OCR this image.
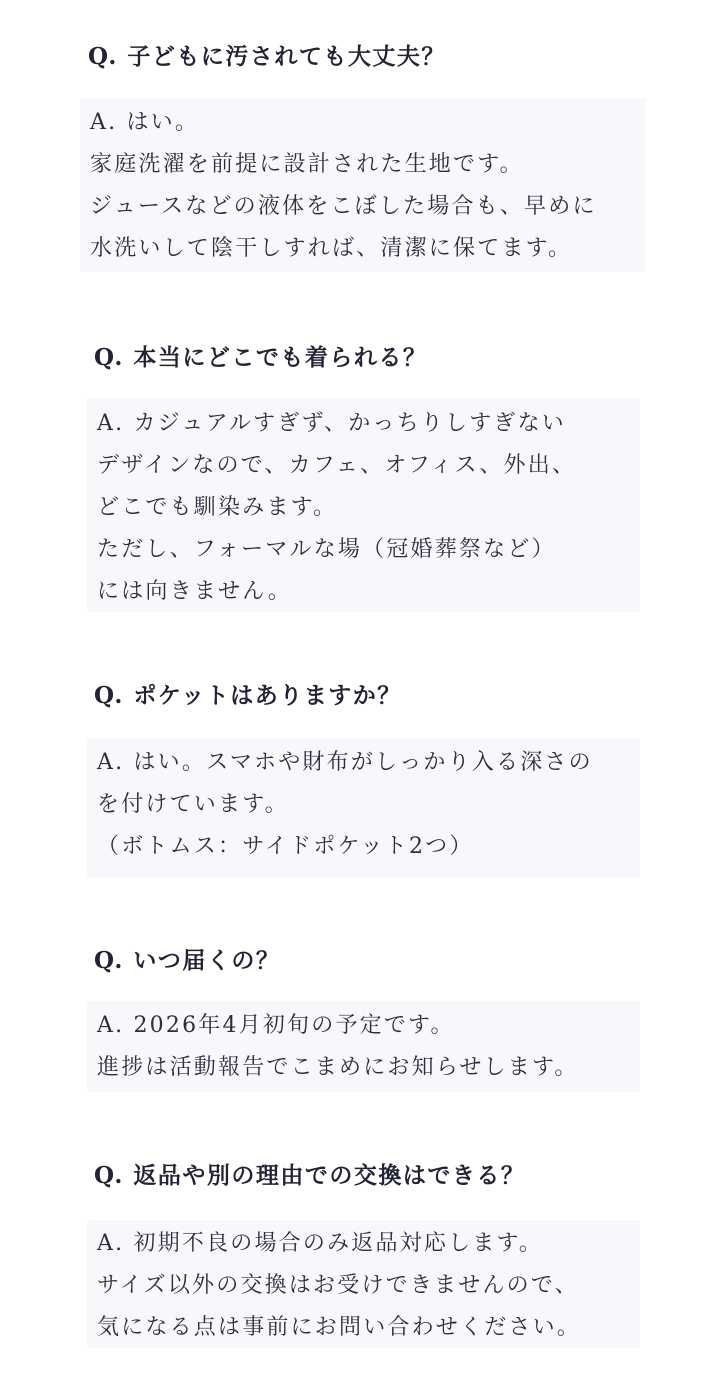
Q. 子どもに汚されても大丈夫？
A. はい。
家庭洗濯を前提に設計された生地です。
ジュースなどの液体をこぼした場合も、早めに
水洗いして陰干しすれば、清潔に保てます。
Q. 本当にどこでも着られる？
A. カジュアルすぎず、かっちりしすぎない
デザインなので、カフェ、オフィス、外出、
どこでも馴染みます。
ただし、フォーマルな場（冠婚葬祭など）
には向きません。
Q. ポケットはありますか？
A. はい。スマホや財布がしっかり入る深さの
を付けています。
（ボトムス：サイドポケット2つ）
Q. いつ届くの？
A. 2026年4月初旬の予定です。
進捗は活動報告でこまめにお知らせします。
Q. 返品や別の理由での交換はできる？
A. 初期不良の場合のみ返品対応します。
サイズ以外の交換はお受けできませんので、
気になる点は事前にお問い合わせください。
